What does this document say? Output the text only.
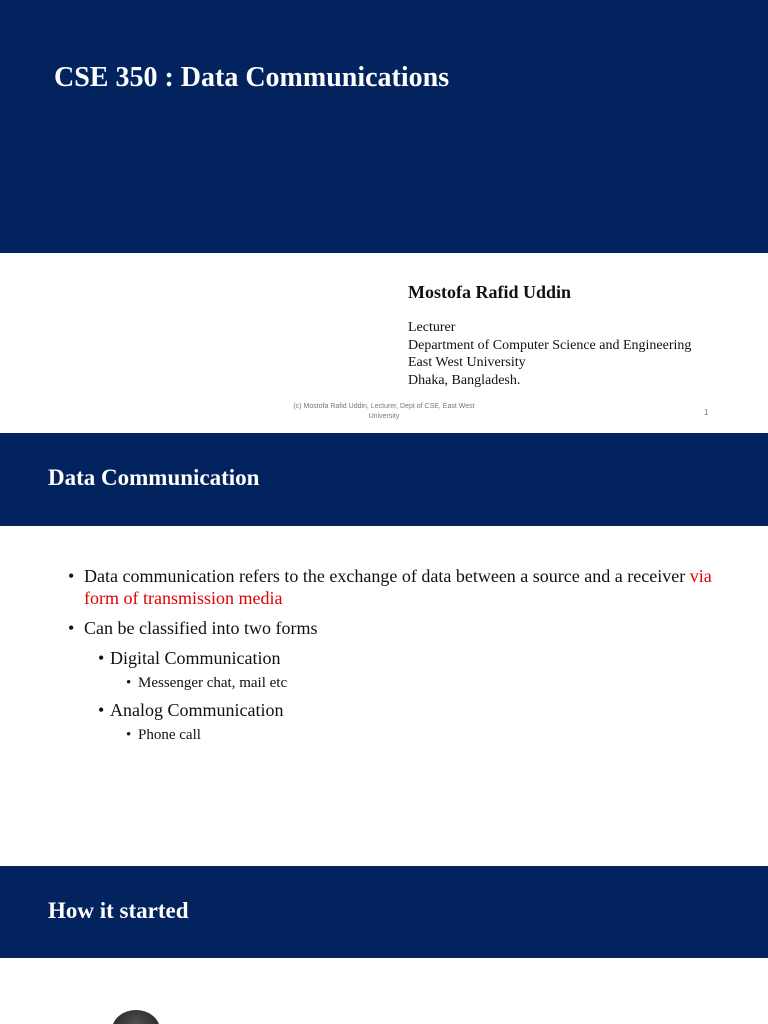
CSE 350 : Data Communications
Mostofa Rafid Uddin
Lecturer
Department of Computer Science and Engineering
East West University
Dhaka, Bangladesh.
(c) Mostofa Rafid Uddin, Lecturer, Dept of CSE, East West
University	1
Data Communication
• Data communication refers to the exchange of data between a source and a receiver via form of transmission media
• Can be classified into two forms
• Digital Communication
• Messenger chat, mail etc
• Analog Communication
• Phone call
How it started
